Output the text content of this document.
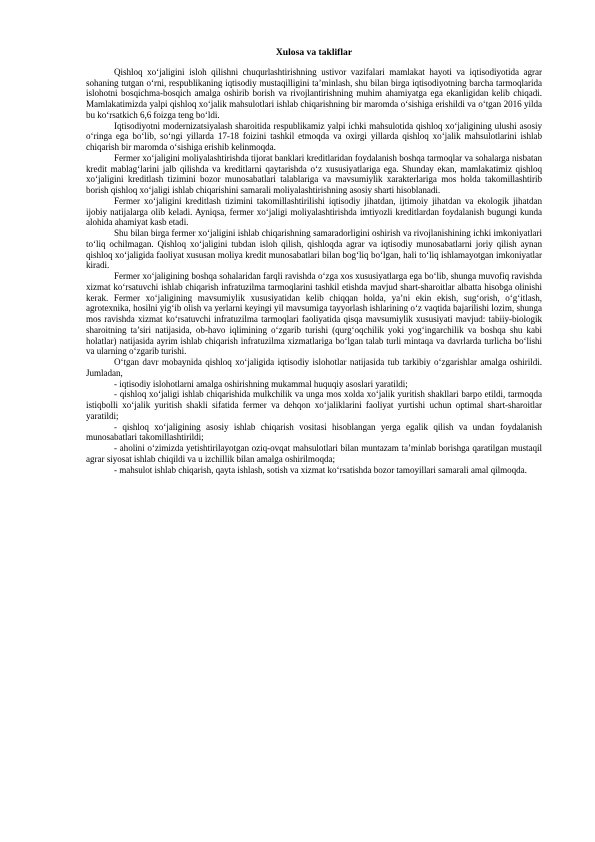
Xulosa va takliflar

Qishloq xo‘jaligini isloh qilishni chuqurlashtirishning ustivor vazifalari mamlakat hayoti va iqtisodiyotida agrar sohaning tutgan o‘rni, respublikaning iqtisodiy mustaqilligini ta’minlash, shu bilan birga iqtisodiyotning barcha tarmoqlarida islohotni bosqichma-bosqich amalga oshirib borish va rivojlantirishning muhim ahamiyatga ega ekanligidan kelib chiqadi. Mamlakatimizda yalpi qishloq xo‘jalik mahsulotlari ishlab chiqarishning bir maromda o‘sishiga erishildi va o‘tgan 2016 yilda bu ko‘rsatkich 6,6 foizga teng bo‘ldi.

Iqtisodiyotni modernizatsiyalash sharoitida respublikamiz yalpi ichki mahsulotida qishloq xo‘jaligining ulushi asosiy o‘ringa ega bo‘lib, so‘ngi yillarda 17-18 foizini tashkil etmoqda va oxirgi yillarda qishloq xo‘jalik mahsulotlarini ishlab chiqarish bir maromda o‘sishiga erishib kelinmoqda.

Fermer xo‘jaligini moliyalashtirishda tijorat banklari kreditlaridan foydalanish boshqa tarmoqlar va sohalarga nisbatan kredit mablag‘larini jalb qilishda va kreditlarni qaytarishda o‘z xususiyatlariga ega. Shunday ekan, mamlakatimiz qishloq xo‘jaligini kreditlash tizimini bozor munosabatlari talablariga va mavsumiylik xarakterlariga mos holda takomillashtirib borish qishloq xo‘jaligi ishlab chiqarishini samarali moliyalashtirishning asosiy sharti hisoblanadi.

Fermer xo‘jaligini kreditlash tizimini takomillashtirilishi iqtisodiy jihatdan, ijtimoiy jihatdan va ekologik jihatdan ijobiy natijalarga olib keladi. Ayniqsa, fermer xo‘jaligi moliyalashtirishda imtiyozli kreditlardan foydalanish bugungi kunda alohida ahamiyat kasb etadi.

Shu bilan birga fermer xo‘jaligini ishlab chiqarishning samaradorligini oshirish va rivojlanishining ichki imkoniyatlari to‘liq ochilmagan. Qishloq xo‘jaligini tubdan isloh qilish, qishloqda agrar va iqtisodiy munosabatlarni joriy qilish aynan qishloq xo‘jaligida faoliyat xususan moliya kredit munosabatlari bilan bog‘liq bo‘lgan, hali to‘liq ishlamayotgan imkoniyatlar kiradi.

Fermer xo‘jaligining boshqa sohalaridan farqli ravishda o‘zga xos xususiyatlarga ega bo‘lib, shunga muvofiq ravishda xizmat ko‘rsatuvchi ishlab chiqarish infratuzilma tarmoqlarini tashkil etishda mavjud shart-sharoitlar albatta hisobga olinishi kerak. Fermer xo‘jaligining mavsumiylik xususiyatidan kelib chiqqan holda, ya’ni ekin ekish, sug‘orish, o‘g‘itlash, agrotexnika, hosilni yig‘ib olish va yerlarni keyingi yil mavsumiga tayyorlash ishlarining o‘z vaqtida bajarilishi lozim, shunga mos ravishda xizmat ko‘rsatuvchi infratuzilma tarmoqlari faoliyatida qisqa mavsumiylik xususiyati mavjud: tabiiy-biologik sharoitning ta’siri natijasida, ob-havo iqlimining o‘zgarib turishi (qurg‘oqchilik yoki yog‘ingarchilik va boshqa shu kabi holatlar) natijasida ayrim ishlab chiqarish infratuzilma xizmatlariga bo‘lgan talab turli mintaqa va davrlarda turlicha bo‘lishi va ularning o‘zgarib turishi.

O‘tgan davr mobaynida qishloq xo‘jaligida iqtisodiy islohotlar natijasida tub tarkibiy o‘zgarishlar amalga oshirildi. Jumladan,

- iqtisodiy islohotlarni amalga oshirishning mukammal huquqiy asoslari yaratildi;

- qishloq xo‘jaligi ishlab chiqarishida mulkchilik va unga mos xolda xo‘jalik yuritish shakllari barpo etildi, tarmoqda istiqbolli xo‘jalik yuritish shakli sifatida fermer va dehqon xo‘jaliklarini faoliyat yurtishi uchun optimal shart-sharoitlar yaratildi;

- qishloq xo‘jaligining asosiy ishlab chiqarish vositasi hisoblangan yerga egalik qilish va undan foydalanish munosabatlari takomillashtirildi;

- aholini o‘zimizda yetishtirilayotgan oziq-ovqat mahsulotlari bilan muntazam ta’minlab borishga qaratilgan mustaqil agrar siyosat ishlab chiqildi va u izchillik bilan amalga oshirilmoqda;

- mahsulot ishlab chiqarish, qayta ishlash, sotish va xizmat ko‘rsatishda bozor tamoyillari samarali amal qilmoqda.
